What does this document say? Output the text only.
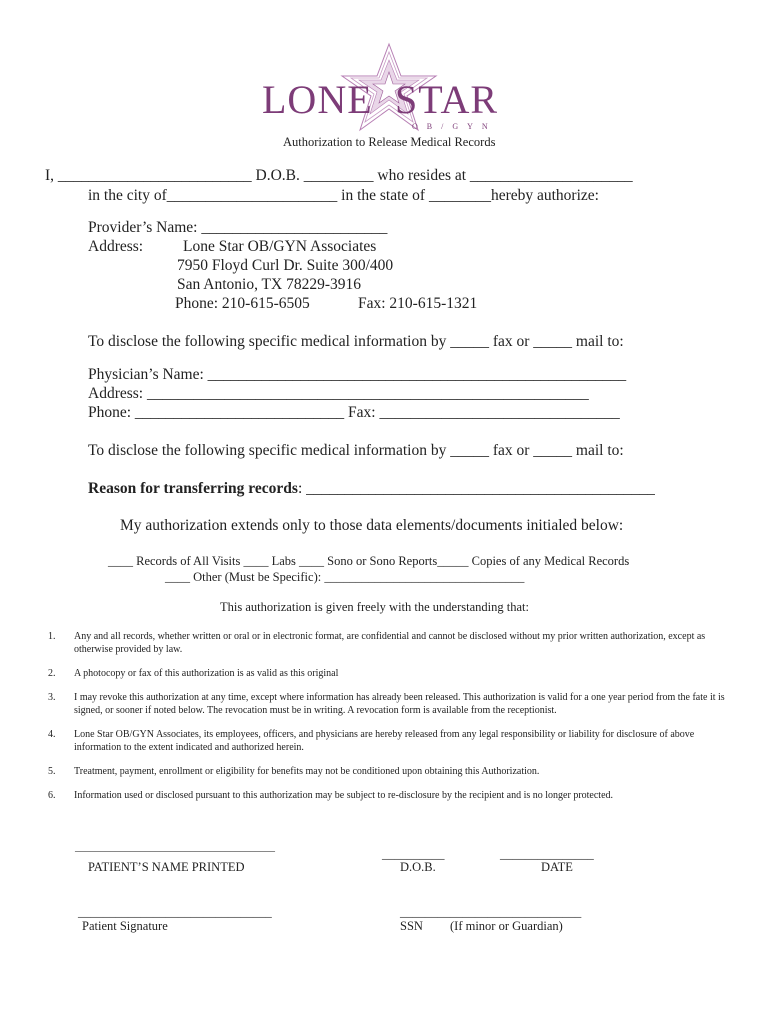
LONE STAR
OB/GYN
Authorization to Release Medical Records
I, _________________________ D.O.B. _________ who resides at _____________________
in the city of______________________ in the state of ________hereby authorize:
Provider’s Name: ________________________
Address:	Lone Star OB/GYN Associates
7950 Floyd Curl Dr. Suite 300/400
San Antonio, TX 78229-3916
Phone: 210-615-6505	Fax: 210-615-1321
To disclose the following specific medical information by _____ fax or _____ mail to:
Physician’s Name: ______________________________________________________
Address: _________________________________________________________
Phone: ___________________________ Fax: _______________________________
To disclose the following specific medical information by _____ fax or _____ mail to:
Reason for transferring records: _____________________________________________
My authorization extends only to those data elements/documents initialed below:
____ Records of All Visits ____ Labs ____ Sono or Sono Reports_____ Copies of any Medical Records
____ Other (Must be Specific): ________________________________
This authorization is given freely with the understanding that:
1. Any and all records, whether written or oral or in electronic format, are confidential and cannot be disclosed without my prior written authorization, except as otherwise provided by law.
2. A photocopy or fax of this authorization is as valid as this original
3. I may revoke this authorization at any time, except where information has already been released. This authorization is valid for a one year period from the fate it is signed, or sooner if noted below. The revocation must be in writing. A revocation form is available from the receptionist.
4. Lone Star OB/GYN Associates, its employees, officers, and physicians are hereby released from any legal responsibility or liability for disclosure of above information to the extent indicated and authorized herein.
5. Treatment, payment, enrollment or eligibility for benefits may not be conditioned upon obtaining this Authorization.
6. Information used or disclosed pursuant to this authorization may be subject to re-disclosure by the recipient and is no longer protected.
________________________________________
PATIENT’S NAME PRINTED
__________
D.O.B.
_______________
DATE
_______________________________
Patient Signature
_____________________________
SSN (If minor or Guardian)
